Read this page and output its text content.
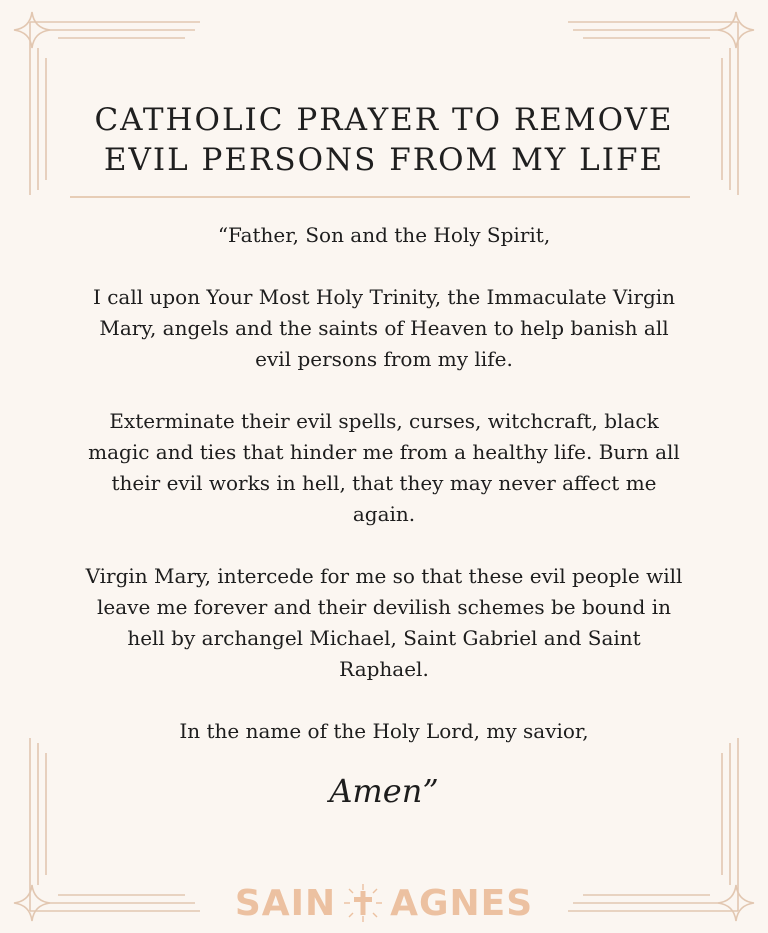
CATHOLIC PRAYER TO REMOVE
EVIL PERSONS FROM MY LIFE

“Father, Son and the Holy Spirit,

I call upon Your Most Holy Trinity, the Immaculate Virgin Mary, angels and the saints of Heaven to help banish all evil persons from my life.

Exterminate their evil spells, curses, witchcraft, black magic and ties that hinder me from a healthy life. Burn all their evil works in hell, that they may never affect me again.

Virgin Mary, intercede for me so that these evil people will leave me forever and their devilish schemes be bound in hell by archangel Michael, Saint Gabriel and Saint Raphael.

In the name of the Holy Lord, my savior,

Amen”
SAIN AGNES
